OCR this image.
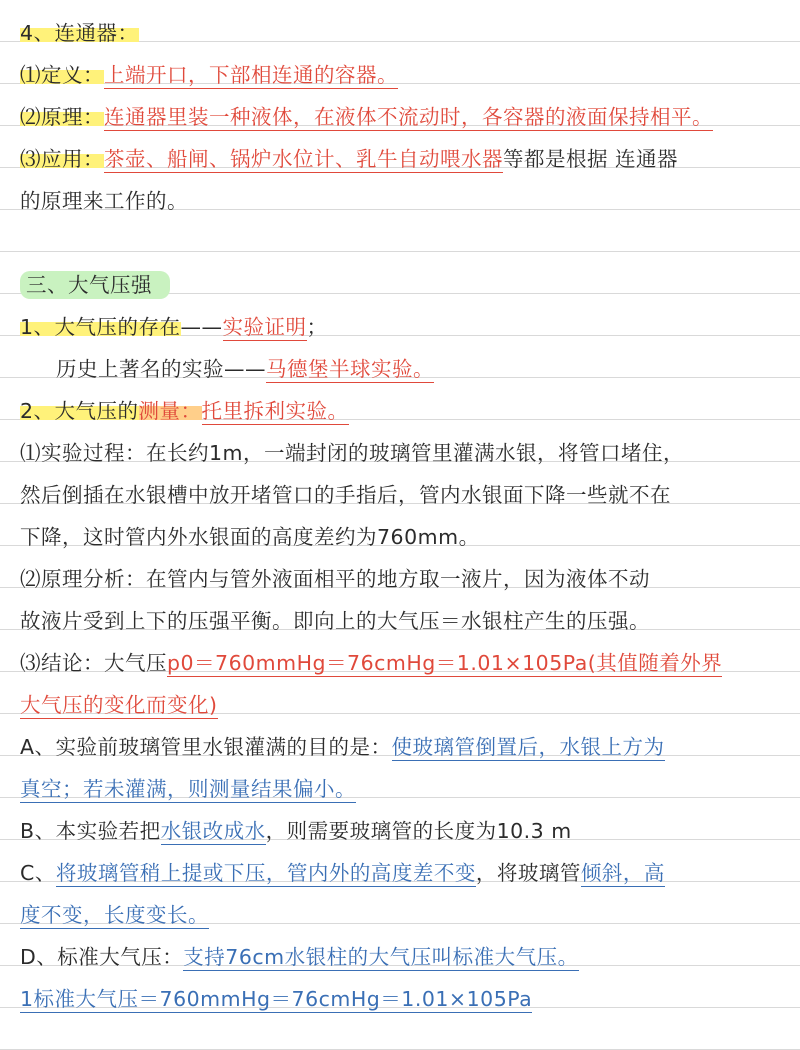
4、连通器：
⑴定义：上端开口，下部相连通的容器。
⑵原理：连通器里装一种液体，在液体不流动时，各容器的液面保持相平。
⑶应用：茶壶、船闸、锅炉水位计、乳牛自动喂水器等都是根据 连通器
的原理来工作的。
三、大气压强
1、大气压的存在——实验证明；
历史上著名的实验——马德堡半球实验。
2、大气压的测量：托里拆利实验。
⑴实验过程：在长约1m，一端封闭的玻璃管里灌满水银，将管口堵住，
然后倒插在水银槽中放开堵管口的手指后，管内水银面下降一些就不在
下降，这时管内外水银面的高度差约为760mm。
⑵原理分析：在管内与管外液面相平的地方取一液片，因为液体不动
故液片受到上下的压强平衡。即向上的大气压＝水银柱产生的压强。
⑶结论：大气压p0＝760mmHg＝76cmHg＝1.01×105Pa(其值随着外界
大气压的变化而变化)
A、实验前玻璃管里水银灌满的目的是：使玻璃管倒置后，水银上方为
真空；若未灌满，则测量结果偏小。
B、本实验若把水银改成水，则需要玻璃管的长度为10.3 m
C、将玻璃管稍上提或下压，管内外的高度差不变，将玻璃管倾斜，高
度不变，长度变长。
D、标准大气压：支持76cm水银柱的大气压叫标准大气压。
1标准大气压＝760mmHg＝76cmHg＝1.01×105Pa
